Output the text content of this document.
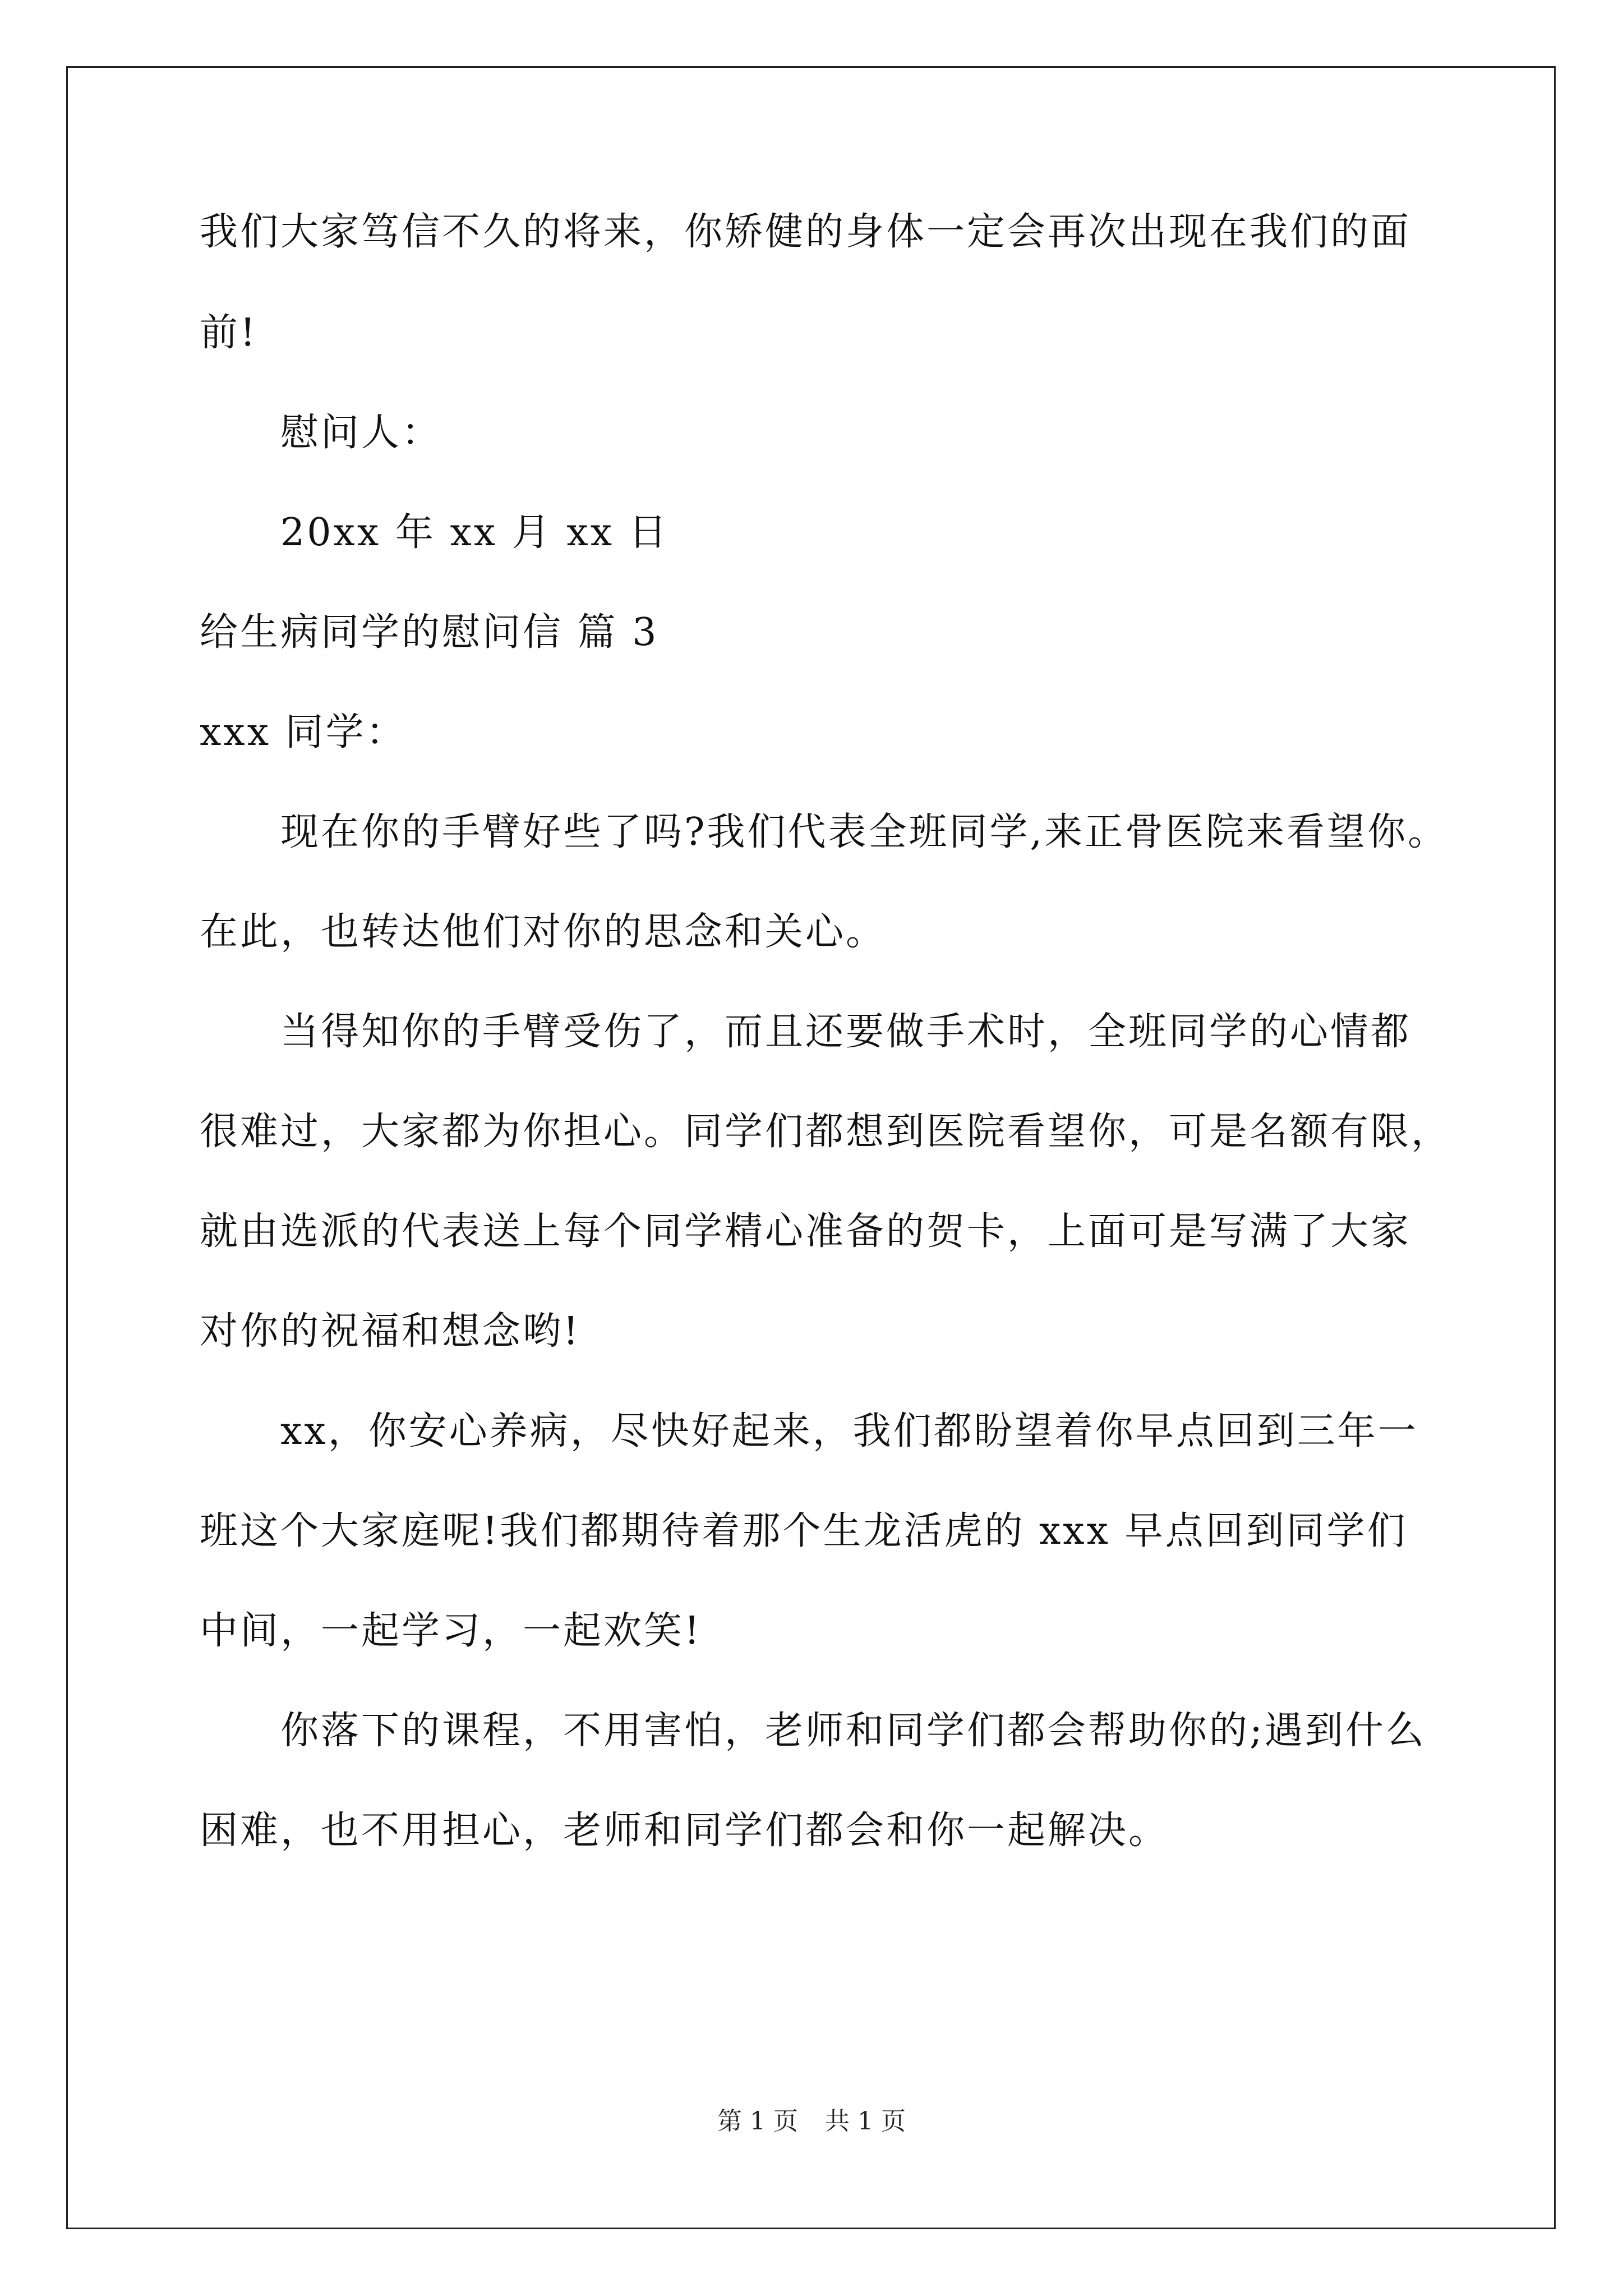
我们大家笃信不久的将来，你矫健的身体一定会再次出现在我们的面
前!
慰问人：
20xx 年 xx 月 xx 日
给生病同学的慰问信 篇 3
xxx 同学：
现在你的手臂好些了吗?我们代表全班同学,来正骨医院来看望你。
在此，也转达他们对你的思念和关心。
当得知你的手臂受伤了，而且还要做手术时，全班同学的心情都
很难过，大家都为你担心。同学们都想到医院看望你，可是名额有限，
就由选派的代表送上每个同学精心准备的贺卡，上面可是写满了大家
对你的祝福和想念哟!
xx，你安心养病，尽快好起来，我们都盼望着你早点回到三年一
班这个大家庭呢!我们都期待着那个生龙活虎的 xxx 早点回到同学们
中间，一起学习，一起欢笑!
你落下的课程，不用害怕，老师和同学们都会帮助你的;遇到什么
困难，也不用担心，老师和同学们都会和你一起解决。
第 1 页 共 1 页
